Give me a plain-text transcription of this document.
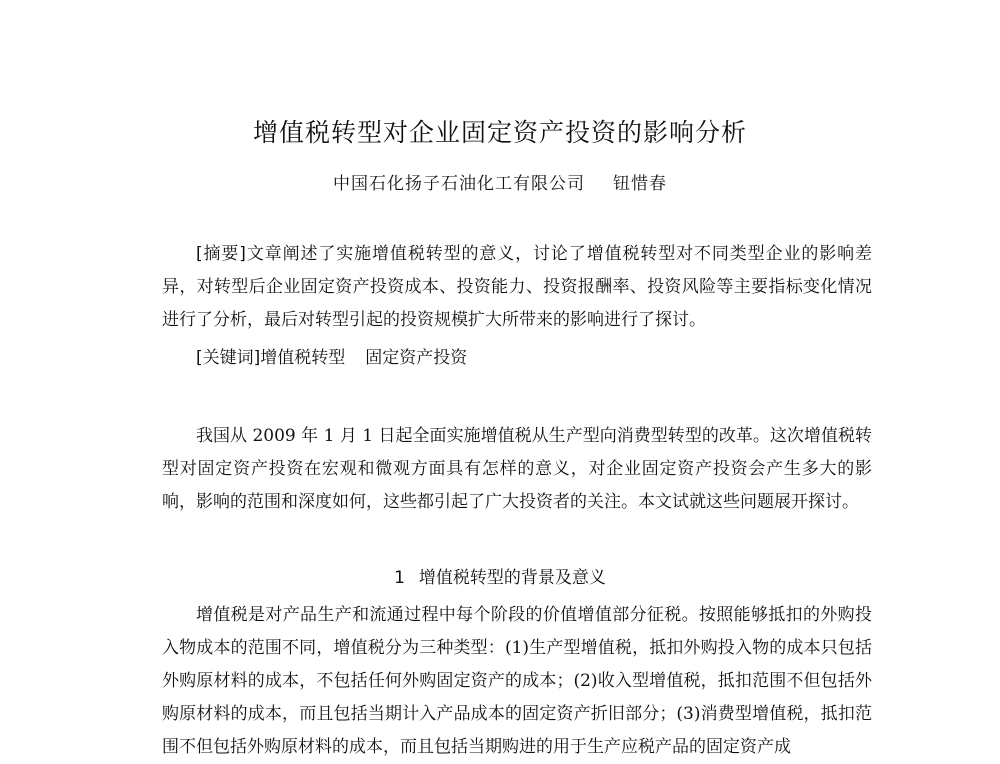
增值税转型对企业固定资产投资的影响分析
中国石化扬子石油化工有限公司 钮惜春

[摘要]文章阐述了实施增值税转型的意义，讨论了增值税转型对不同类型企业的影响差异，对转型后企业固定资产投资成本、投资能力、投资报酬率、投资风险等主要指标变化情况进行了分析，最后对转型引起的投资规模扩大所带来的影响进行了探讨。

[关键词]增值税转型 固定资产投资

我国从 2009 年 1 月 1 日起全面实施增值税从生产型向消费型转型的改革。这次增值税转型对固定资产投资在宏观和微观方面具有怎样的意义，对企业固定资产投资会产生多大的影响，影响的范围和深度如何，这些都引起了广大投资者的关注。本文试就这些问题展开探讨。

1 增值税转型的背景及意义

增值税是对产品生产和流通过程中每个阶段的价值增值部分征税。按照能够抵扣的外购投入物成本的范围不同，增值税分为三种类型：(1)生产型增值税，抵扣外购投入物的成本只包括外购原材料的成本，不包括任何外购固定资产的成本；(2)收入型增值税，抵扣范围不但包括外购原材料的成本，而且包括当期计入产品成本的固定资产折旧部分；(3)消费型增值税，抵扣范围不但包括外购原材料的成本，而且包括当期购进的用于生产应税产品的固定资产成
